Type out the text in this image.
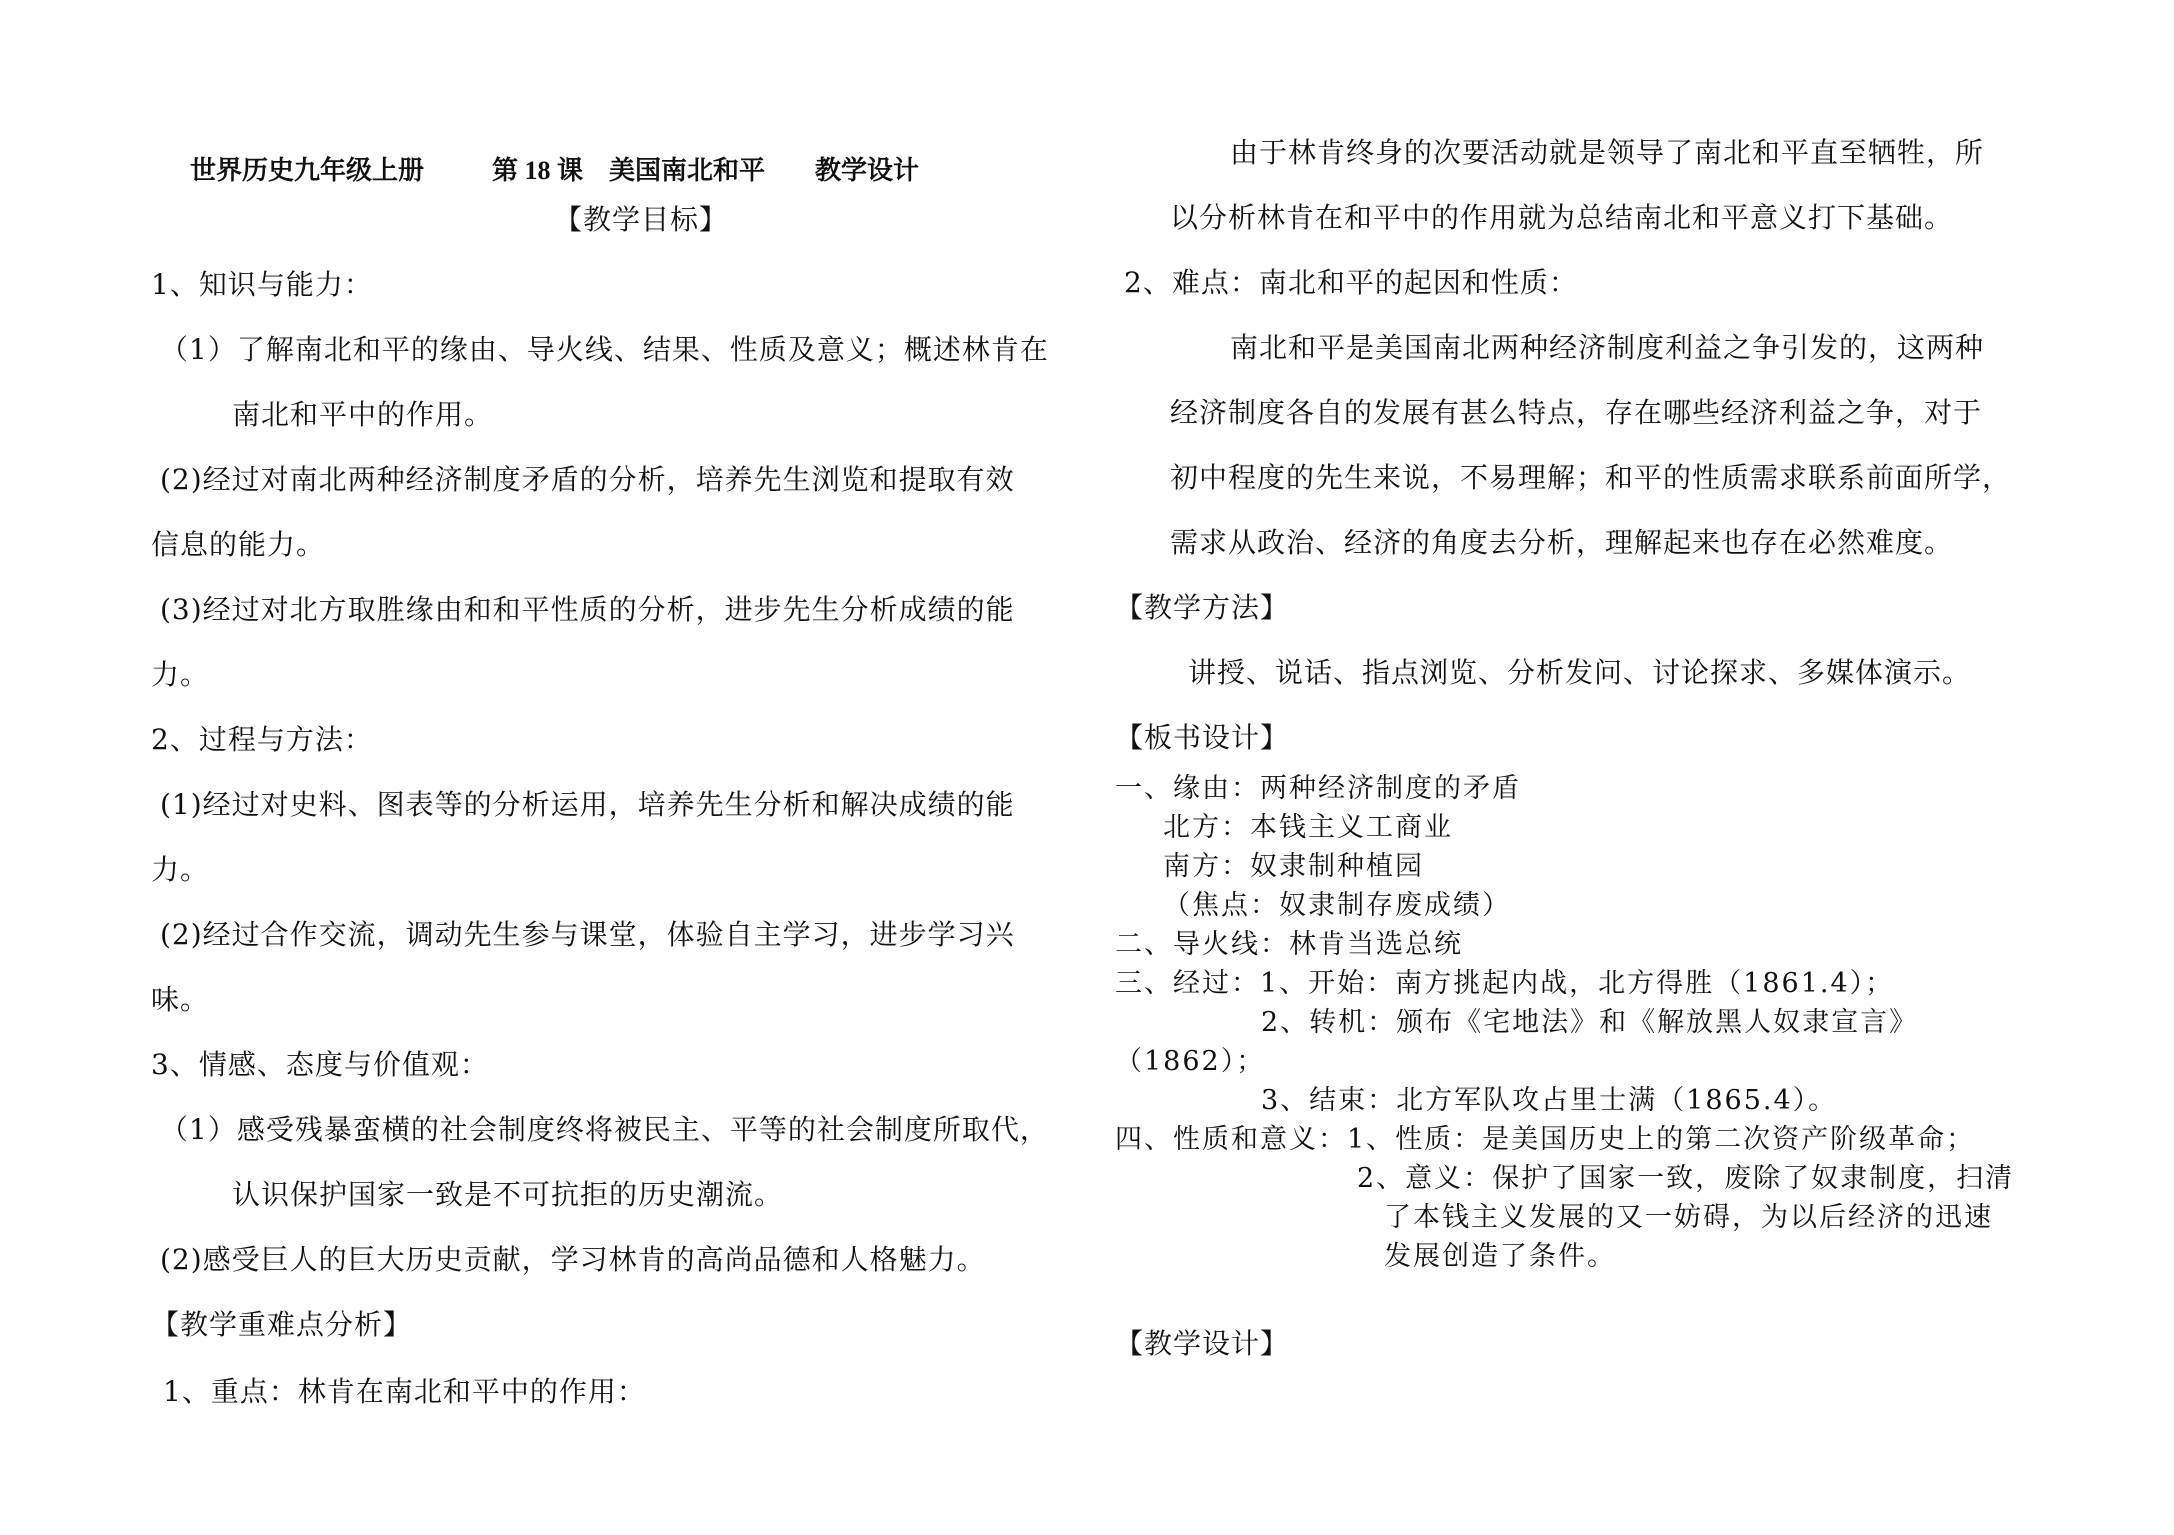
世界历史九年级上册	第 18 课　美国南北和平 教学设计
【教学目标】
1、知识与能力：
（1）了解南北和平的缘由、导火线、结果、性质及意义；概述林肯在
南北和平中的作用。
(2)经过对南北两种经济制度矛盾的分析，培养先生浏览和提取有效
信息的能力。
(3)经过对北方取胜缘由和和平性质的分析，进步先生分析成绩的能
力。
2、过程与方法：
(1)经过对史料、图表等的分析运用，培养先生分析和解决成绩的能
力。
(2)经过合作交流，调动先生参与课堂，体验自主学习，进步学习兴
味。
3、情感、态度与价值观：
（1）感受残暴蛮横的社会制度终将被民主、平等的社会制度所取代，
认识保护国家一致是不可抗拒的历史潮流。
(2)感受巨人的巨大历史贡献，学习林肯的高尚品德和人格魅力。
【教学重难点分析】
1、重点：林肯在南北和平中的作用：
由于林肯终身的次要活动就是领导了南北和平直至牺牲，所
以分析林肯在和平中的作用就为总结南北和平意义打下基础。
2、难点：南北和平的起因和性质：
南北和平是美国南北两种经济制度利益之争引发的，这两种
经济制度各自的发展有甚么特点，存在哪些经济利益之争，对于
初中程度的先生来说，不易理解；和平的性质需求联系前面所学，
需求从政治、经济的角度去分析，理解起来也存在必然难度。
【教学方法】
讲授、说话、指点浏览、分析发问、讨论探求、多媒体演示。
【板书设计】
一、缘由：两种经济制度的矛盾
北方：本钱主义工商业
南方：奴隶制种植园
（焦点：奴隶制存废成绩）
二、导火线：林肯当选总统
三、经过：1、开始：南方挑起内战，北方得胜（1861.4）；
2、转机：颁布《宅地法》和《解放黑人奴隶宣言》
（1862）；
3、结束：北方军队攻占里士满（1865.4）。
四、性质和意义：1、性质：是美国历史上的第二次资产阶级革命；
2、意义：保护了国家一致，废除了奴隶制度，扫清
了本钱主义发展的又一妨碍，为以后经济的迅速
发展创造了条件。
【教学设计】
